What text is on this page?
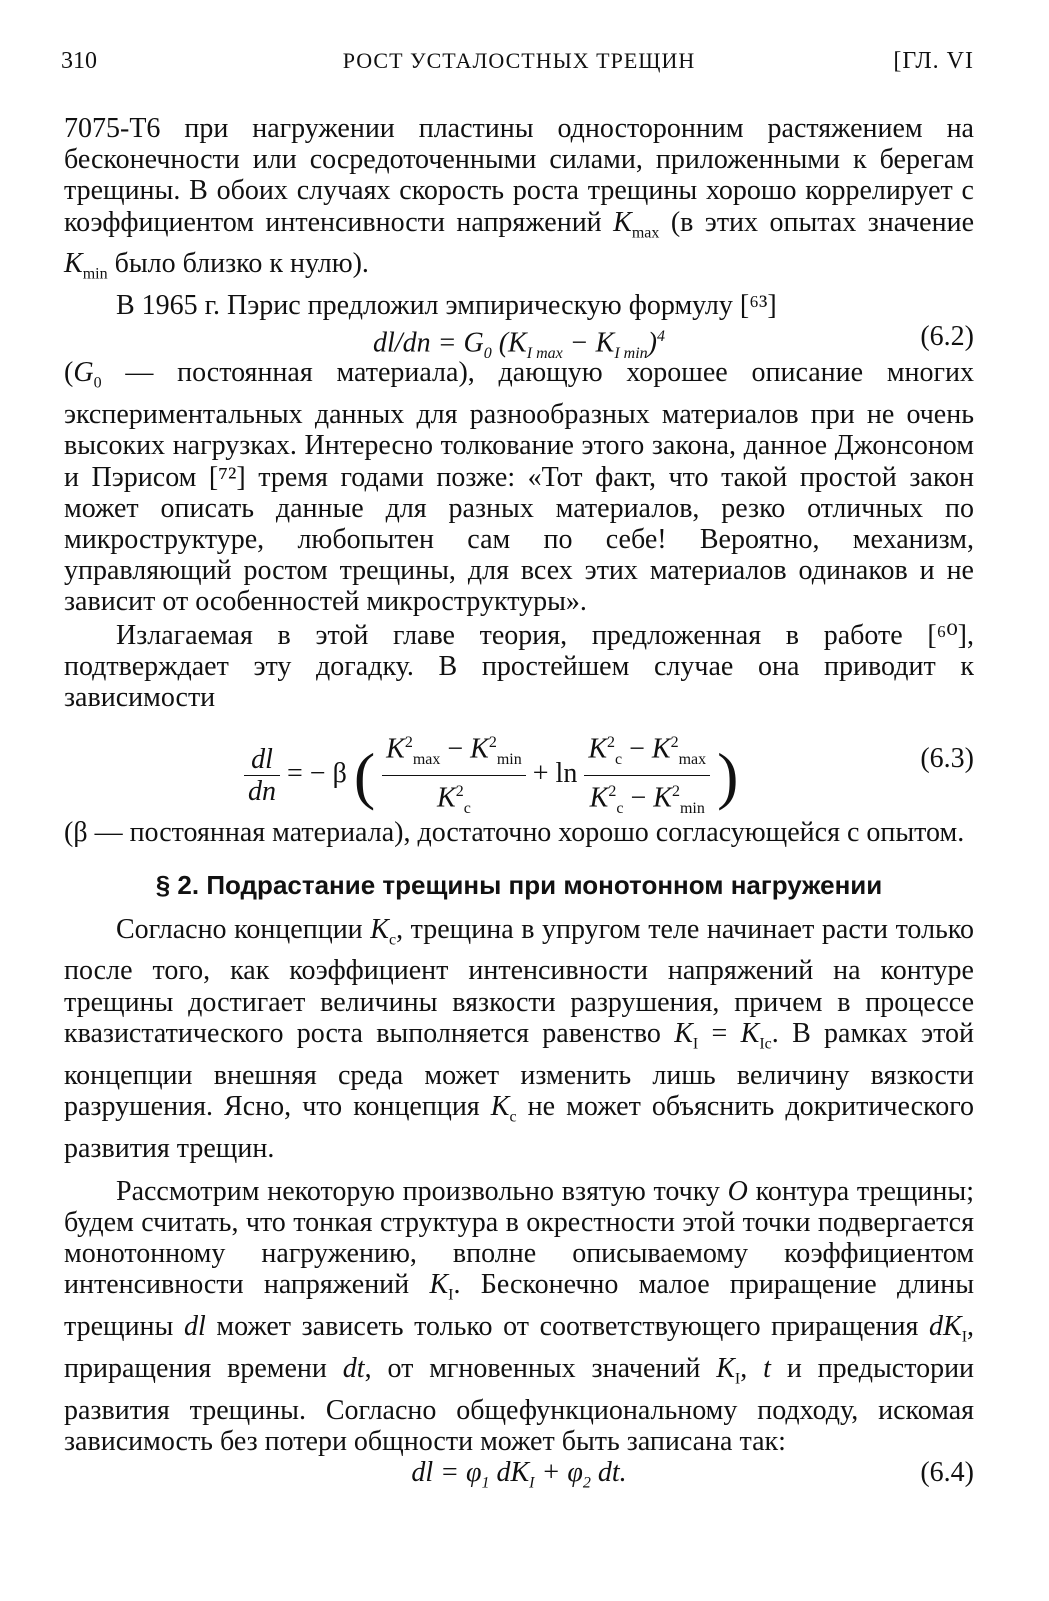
310	РОСТ УСТАЛОСТНЫХ ТРЕЩИН	[ГЛ. VI

7075-Т6 при нагружении пластины односторонним растяжением на бесконечности или сосредоточенными силами, приложенными к берегам трещины. В обоих случаях скорость роста трещины хорошо коррелирует с коэффициентом интенсивности напряжений $K_{max}$ (в этих опытах значение $K_{min}$ было близко к нулю).

В 1965 г. Пэрис предложил эмпирическую формулу [⁶³]

$dl/dn = G_0$ $(K_{I max} - K_{I min})^4$	(6.2)

($G_0$ — постоянная материала), дающую хорошее описание многих экспериментальных данных для разнообразных материалов при не очень высоких нагрузках. Интересно толкование этого закона, данное Джонсоном и Пэрисом [⁷²] тремя годами позже: «Тот факт, что такой простой закон может описать данные для разных материалов, резко отличных по микроструктуре, любопытен сам по себе! Вероятно, механизм, управляющий ростом трещины, для всех этих материалов одинаков и не зависит от особенностей микроструктуры».

Излагаемая в этой главе теория, предложенная в работе [⁶⁰], подтверждает эту догадку. В простейшем случае она приводит к зависимости

$\frac{dl}{dn}$ = − β ( $\frac{K^2_{max} - K^2_{min}}{K^2_c} + \ln \frac{K^2_c - K^2_{max}}{K^2_c - K^2_{min}}$ )	(6.3)

(β — постоянная материала), достаточно хорошо согласующейся с опытом.

§ 2. Подрастание трещины при монотонном нагружении

Согласно концепции $K_c$, трещина в упругом теле начинает расти только после того, как коэффициент интенсивности напряжений на контуре трещины достигает величины вязкости разрушения, причем в процессе квазистатического роста выполняется равенство $K_I = K_{Ic}$. В рамках этой концепции внешняя среда может изменить лишь величину вязкости разрушения. Ясно, что концепция $K_c$ не может объяснить докритического развития трещин.

Рассмотрим некоторую произвольно взятую точку O контура трещины; будем считать, что тонкая структура в окрестности этой точки подвергается монотонному нагружению, вполне описываемому коэффициентом интенсивности напряжений $K_I$. Бесконечно малое приращение длины трещины dl может зависеть только от соответствующего приращения $dK_I$, приращения времени dt, от мгновенных значений $K_I$, t и предыстории развития трещины. Согласно общефункциональному подходу, искомая зависимость без потери общности может быть записана так:

dl = $\varphi_1$ $dK_I + \varphi_2$ dt.	(6.4)
